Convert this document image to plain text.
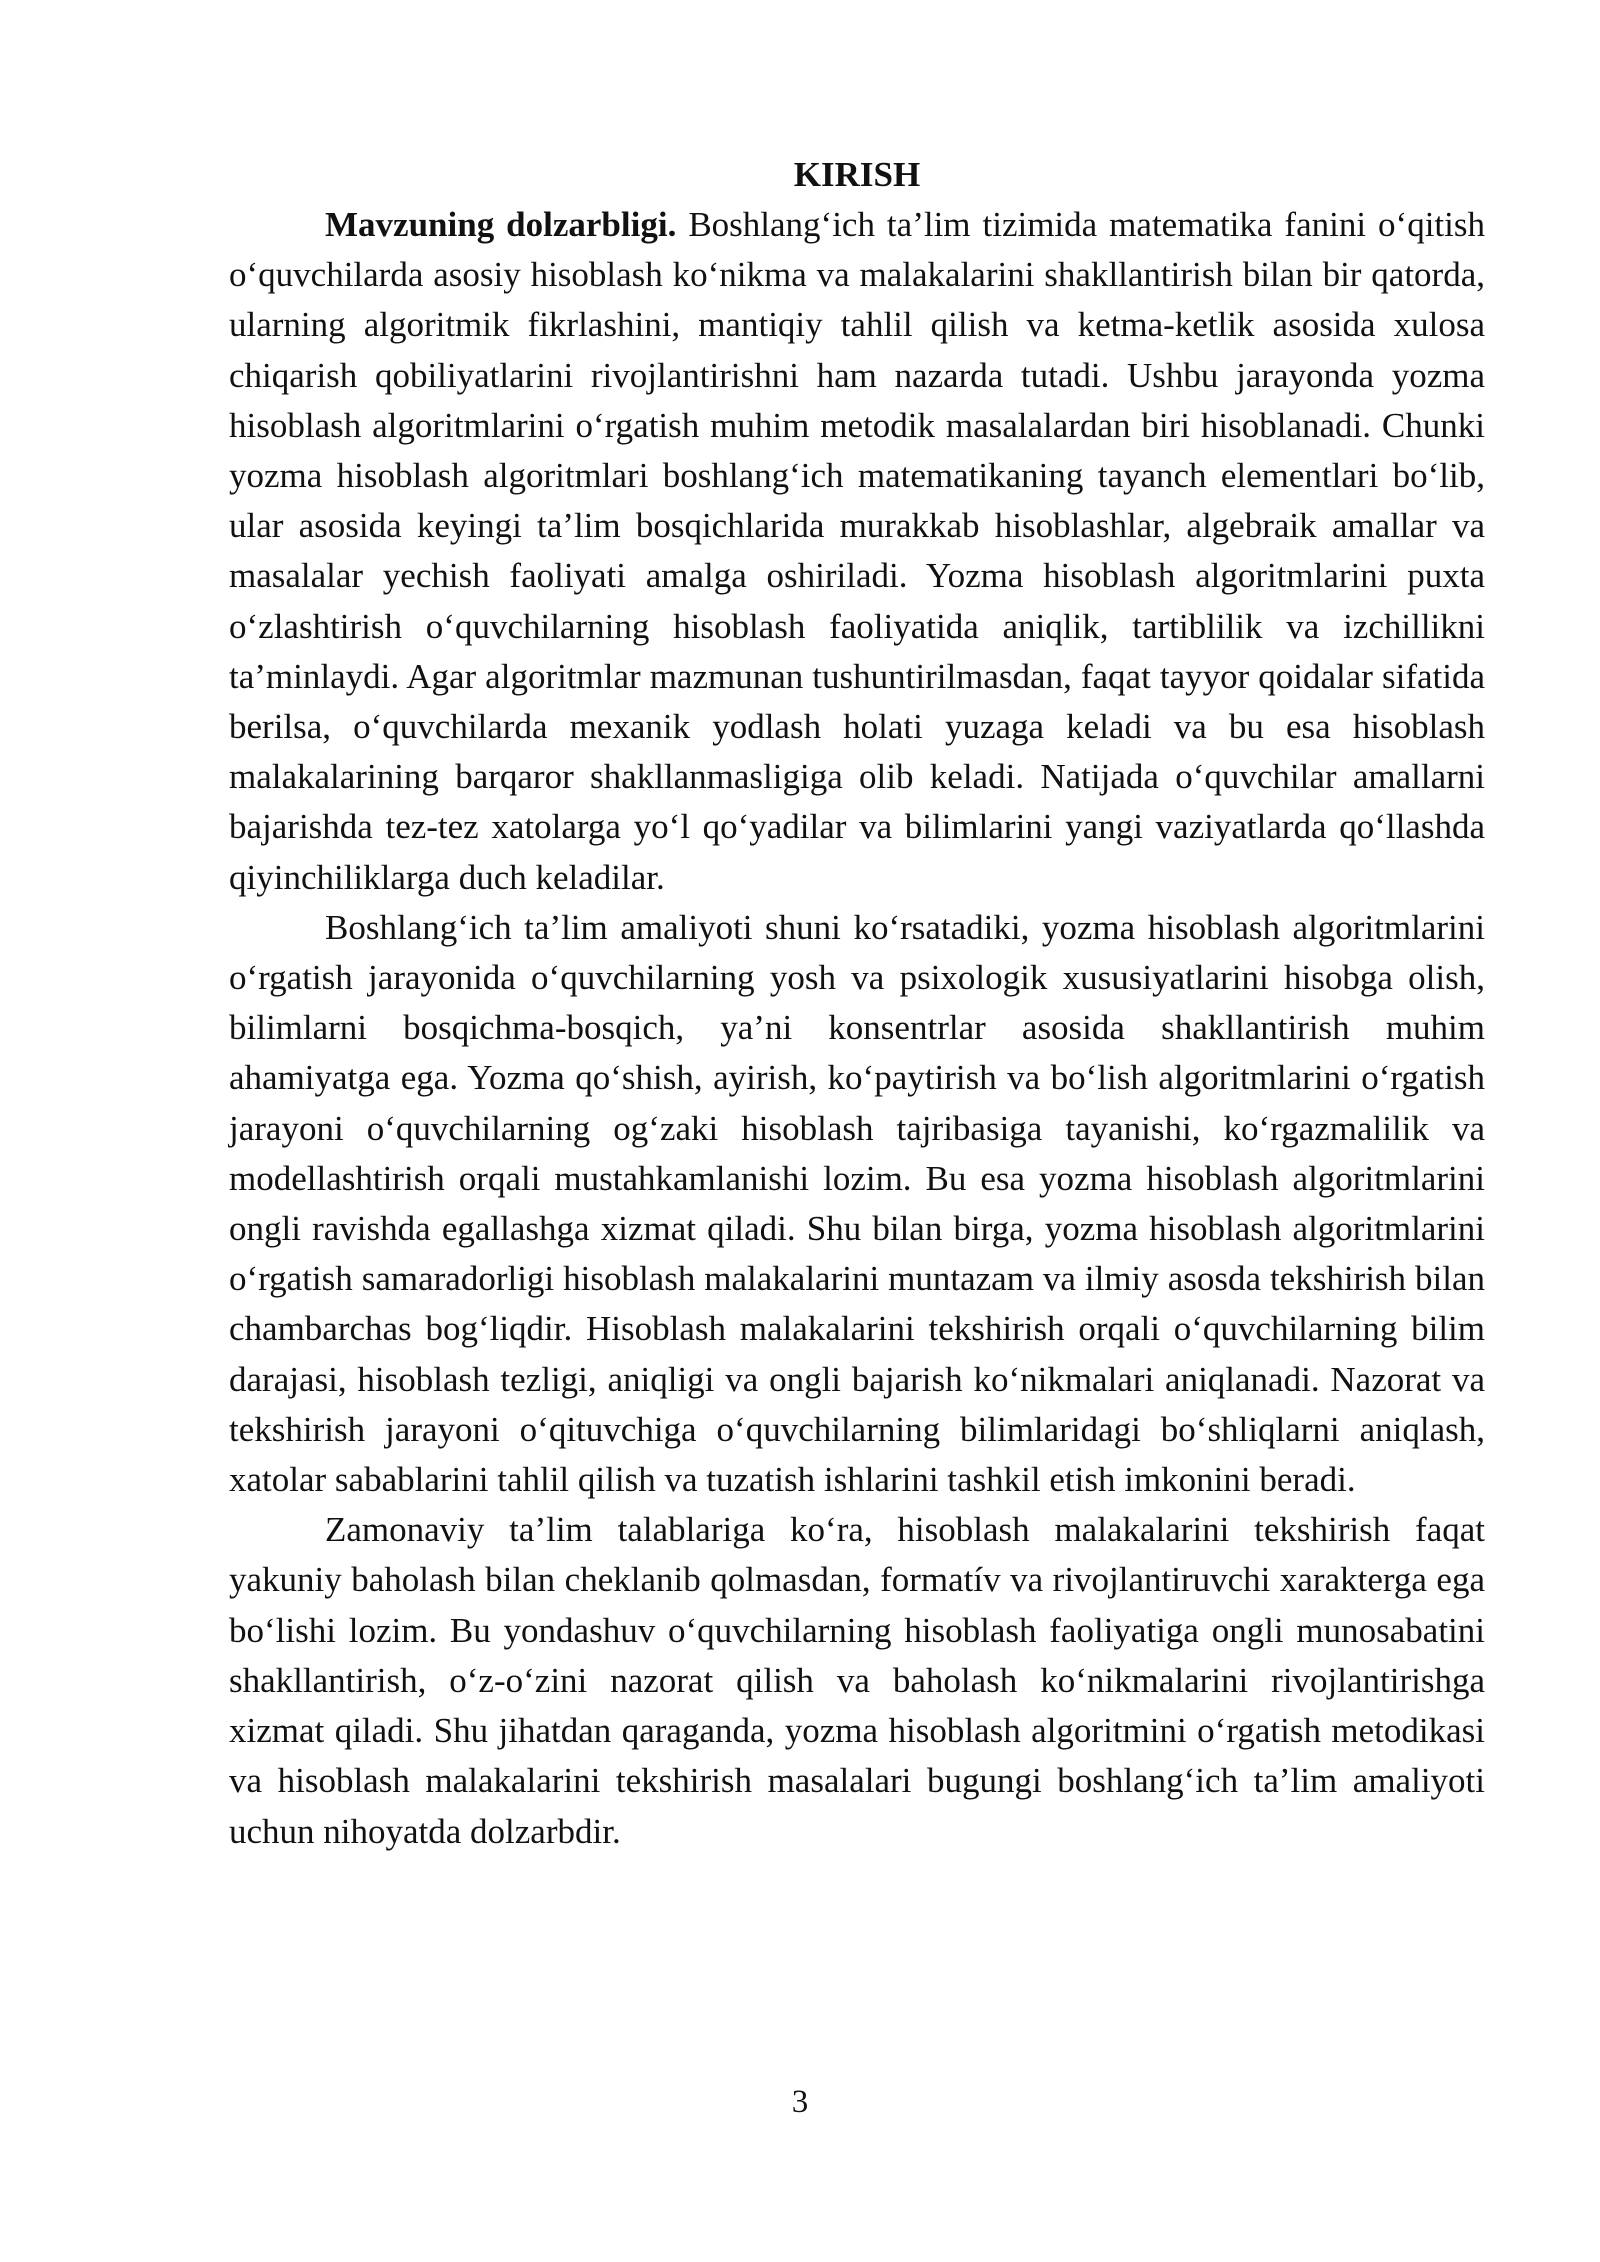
KIRISH

Mavzuning dolzarbligi. Boshlang‘ich ta’lim tizimida matematika fanini o‘qitish o‘quvchilarda asosiy hisoblash ko‘nikma va malakalarini shakllantirish bilan bir qatorda, ularning algoritmik fikrlashini, mantiqiy tahlil qilish va ketma-ketlik asosida xulosa chiqarish qobiliyatlarini rivojlantirishni ham nazarda tutadi. Ushbu jarayonda yozma hisoblash algoritmlarini o‘rgatish muhim metodik masalalardan biri hisoblanadi. Chunki yozma hisoblash algoritmlari boshlang‘ich matematikaning tayanch elementlari bo‘lib, ular asosida keyingi ta’lim bosqichlarida murakkab hisoblashlar, algebraik amallar va masalalar yechish faoliyati amalga oshiriladi. Yozma hisoblash algoritmlarini puxta o‘zlashtirish o‘quvchilarning hisoblash faoliyatida aniqlik, tartiblilik va izchillikni ta’minlaydi. Agar algoritmlar mazmunan tushuntirilmasdan, faqat tayyor qoidalar sifatida berilsa, o‘quvchilarda mexanik yodlash holati yuzaga keladi va bu esa hisoblash malakalarining barqaror shakllanmasligiga olib keladi. Natijada o‘quvchilar amallarni bajarishda tez-tez xatolarga yo‘l qo‘yadilar va bilimlarini yangi vaziyatlarda qo‘llashda qiyinchiliklarga duch keladilar.

Boshlang‘ich ta’lim amaliyoti shuni ko‘rsatadiki, yozma hisoblash algoritmlarini o‘rgatish jarayonida o‘quvchilarning yosh va psixologik xususiyatlarini hisobga olish, bilimlarni bosqichma-bosqich, ya’ni konsentrlar asosida shakllantirish muhim ahamiyatga ega. Yozma qo‘shish, ayirish, ko‘paytirish va bo‘lish algoritmlarini o‘rgatish jarayoni o‘quvchilarning og‘zaki hisoblash tajribasiga tayanishi, ko‘rgazmalilik va modellashtirish orqali mustahkamlanishi lozim. Bu esa yozma hisoblash algoritmlarini ongli ravishda egallashga xizmat qiladi. Shu bilan birga, yozma hisoblash algoritmlarini o‘rgatish samaradorligi hisoblash malakalarini muntazam va ilmiy asosda tekshirish bilan chambarchas bog‘liqdir. Hisoblash malakalarini tekshirish orqali o‘quvchilarning bilim darajasi, hisoblash tezligi, aniqligi va ongli bajarish ko‘nikmalari aniqlanadi. Nazorat va tekshirish jarayoni o‘qituvchiga o‘quvchilarning bilimlaridagi bo‘shliqlarni aniqlash, xatolar sabablarini tahlil qilish va tuzatish ishlarini tashkil etish imkonini beradi.

Zamonaviy ta’lim talablariga ko‘ra, hisoblash malakalarini tekshirish faqat yakuniy baholash bilan cheklanib qolmasdan, formatív va rivojlantiruvchi xarakterga ega bo‘lishi lozim. Bu yondashuv o‘quvchilarning hisoblash faoliyatiga ongli munosabatini shakllantirish, o‘z-o‘zini nazorat qilish va baholash ko‘nikmalarini rivojlantirishga xizmat qiladi. Shu jihatdan qaraganda, yozma hisoblash algoritmini o‘rgatish metodikasi va hisoblash malakalarini tekshirish masalalari bugungi boshlang‘ich ta’lim amaliyoti uchun nihoyatda dolzarbdir.

3
